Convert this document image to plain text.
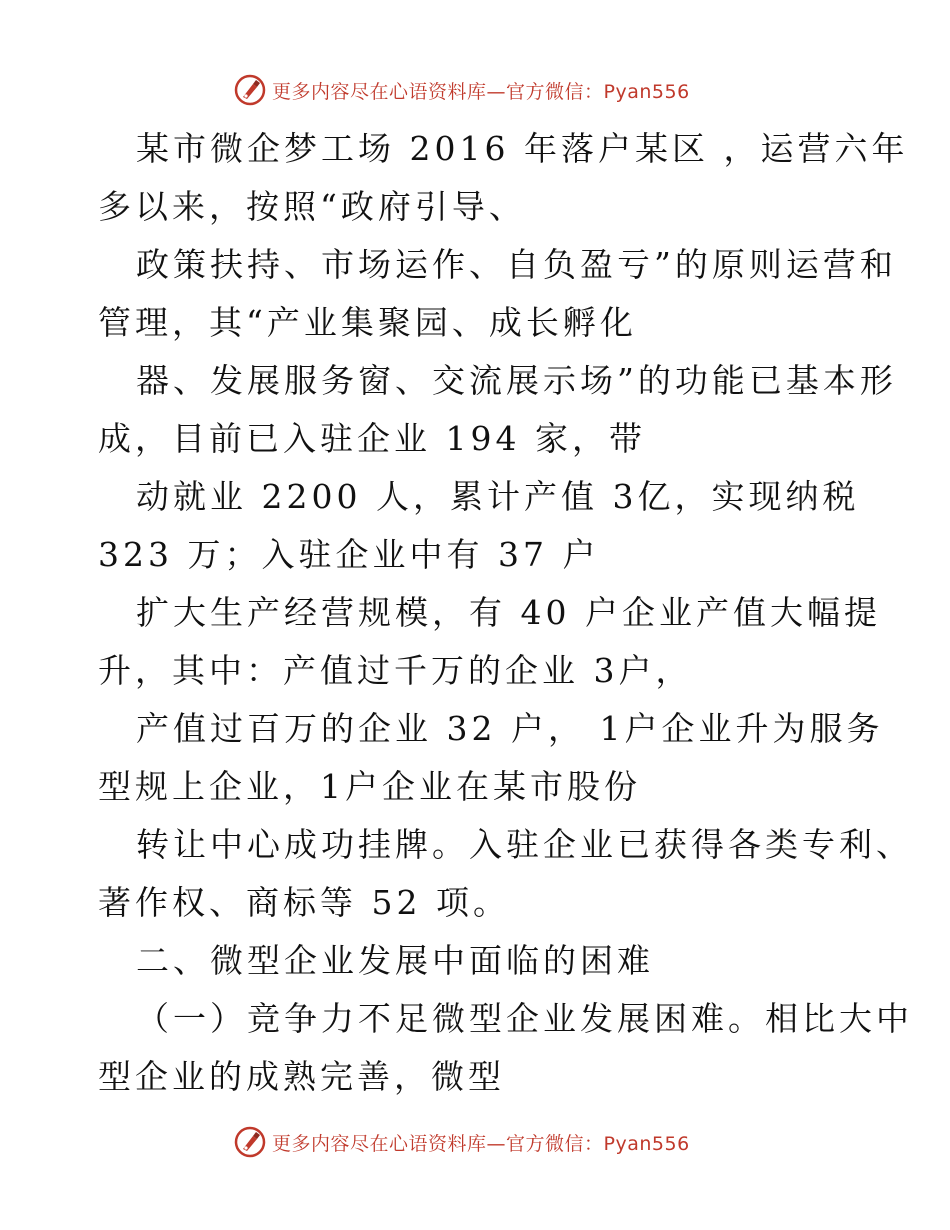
更多内容尽在心语资料库—官方微信：Pyan556
某市微企梦工场 2016 年落户某区 ，运营六年
多以来，按照“政府引导、
政策扶持、市场运作、自负盈亏”的原则运营和
管理，其“产业集聚园、成长孵化
器、发展服务窗、交流展示场”的功能已基本形
成，目前已入驻企业 194 家，带
动就业 2200 人，累计产值 3亿，实现纳税
323 万；入驻企业中有 37 户
扩大生产经营规模，有 40 户企业产值大幅提
升，其中：产值过千万的企业 3户，
产值过百万的企业 32 户， 1户企业升为服务
型规上企业，1户企业在某市股份
转让中心成功挂牌。入驻企业已获得各类专利、
著作权、商标等 52 项。
二、微型企业发展中面临的困难
（一）竞争力不足微型企业发展困难。相比大中
型企业的成熟完善，微型
更多内容尽在心语资料库—官方微信：Pyan556
